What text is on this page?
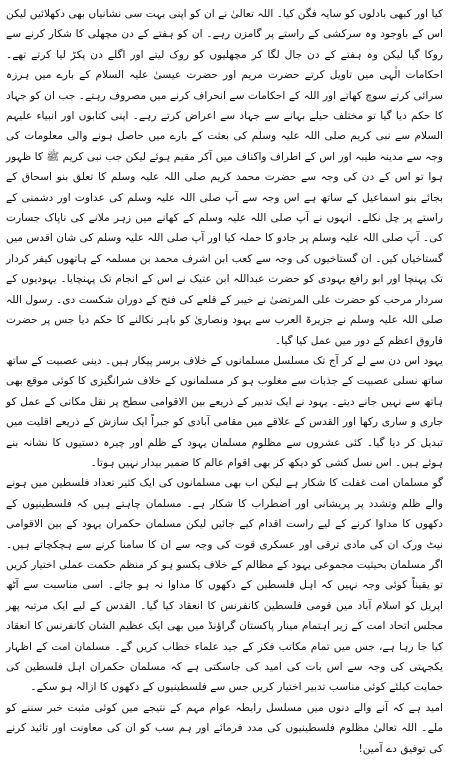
کیا اور کبھی بادلوں کو سایہ فگن کیا۔ اللہ تعالیٰ نے ان کو اپنی بہت سی نشانیاں بھی دکھلائیں لیکن اس کے باوجود وہ سرکشی کے راستے پر گامزن رہے۔ ان کو ہفتے کے دن مچھلی کا شکار کرنے سے روکا گیا لیکن وہ ہفتے کے دن جال لگا کر مچھلیوں کو روک لیتے اور اگلے دن پکڑ لیا کرتے تھے۔ احکامات الٰہی میں تاویل کرتے حضرت مریم اور حضرت عیسیٰ علیہ السلام کے بارے میں ہرزہ سرائی کرتے سوچ کھاتے اور اللہ کے احکامات سے انحراف کرنے میں مصروف رہتے۔ جب ان کو جہاد کا حکم دیا گیا تو مختلف حیلے بہانے سے جہاد سے اعراض کرتے رہے۔ اپنی کتابوں اور انبیاء علیہم السلام سے نبی کریم صلی اللہ علیہ وسلم کی بعثت کے بارے میں حاصل ہونے والی معلومات کی وجہ سے مدینہ طیبہ اور اس کے اطراف واکناف میں آکر مقیم ہوئے لیکن جب نبی کریم ﷺ کا ظہور ہوا تو اس کے دن کی وجہ سے حضرت محمد کریم صلی اللہ علیہ وسلم کا تعلق بنو اسحاق کے بجائے بنو اسماعیل کے ساتھ ہے اس وجہ سے آپ صلی اللہ علیہ وسلم کی عداوت اور دشمنی کے راستے پر چل نکلے۔ انہوں نے آپ صلی اللہ علیہ وسلم کے کھانے میں زہر ملانے کی ناپاک جسارت کی۔ آپ صلی اللہ علیہ وسلم پر جادو کا حملہ کیا اور آپ صلی اللہ علیہ وسلم کی شان اقدس میں گستاخیاں کیں۔ ان گستاخیوں کی وجہ سے کعب ابن اشرف محمد بن مسلمہ کے ہاتھوں کیفر کردار تک پہنچا اور ابو رافع یہودی کو حضرت عبداللہ ابن عتیک نے اس کے انجام تک پہنچایا۔ یہودیوں کے سردار مرحب کو حضرت علی المرتضیٰ نے خیبر کے قلعے کی فتح کے دوران شکست دی۔ رسول اللہ صلی اللہ علیہ وسلم نے جزیرۃ العرب سے یہود ونصاریٰ کو باہر نکالنے کا حکم دیا جس پر حضرت فاروق اعظم کے دور میں عمل کیا گیا۔

یہود اس دن سے لے کر آج تک مسلسل مسلمانوں کے خلاف برسر پیکار ہیں۔ دینی عصبیت کے ساتھ ساتھ نسلی عصبیت کے جذبات سے مغلوب ہو کر مسلمانوں کے خلاف شرانگیزی کا کوئی موقع بھی ہاتھ سے نہیں جانے دیتے۔ یہود نے ایک تدبیر کے ذریعے بین الاقوامی سطح پر نقل مکانی کے عمل کو جاری و ساری رکھا اور القدس کے علاقے میں مقامی آبادی کو جبراً ایک سازش کے ذریعے اقلیت میں تبدیل کر دیا گیا۔ کئی عشروں سے مظلوم مسلمان یہود کے ظلم اور چیرہ دستیوں کا نشانہ بنے ہوئے ہیں۔ اس نسل کشی کو دیکھ کر بھی اقوام عالم کا ضمیر بیدار نہیں ہوتا۔

گو مسلمان امت غفلت کا شکار ہے لیکن اب بھی مسلمانوں کی ایک کثیر تعداد فلسطین میں ہونے والے ظلم وتشدد پر پریشانی اور اضطراب کا شکار ہے۔ مسلمان چاہتے ہیں کہ فلسطینیوں کے دکھوں کا مداوا کرنے کے لیے راست اقدام کیے جائیں لیکن مسلمان حکمران یہود کے بین الاقوامی نیٹ ورک ان کی مادی ترقی اور عسکری قوت کی وجہ سے ان کا سامنا کرنے سے ہچکچاتے ہیں۔ اگر مسلمان بحیثیت مجموعی یہود کے مظالم کے خلاف یکسو ہو کر منظم حکمت عملی اختیار کریں تو یقیناً کوئی وجہ نہیں کہ اہل فلسطین کے دکھوں کا مداوا نہ ہو جائے۔ اسی مناسبت سے آٹھ اپریل کو اسلام آباد میں قومی فلسطین کانفرنس کا انعقاد کیا گیا۔ القدس کے لیے ایک مرتبہ پھر مجلس اتحاد امت کے زیر اہتمام مینار پاکستان گراؤنڈ میں بھی ایک عظیم الشان کانفرنس کا انعقاد کیا جا رہا ہے، جس میں تمام مکاتب فکر کے جید علماء خطاب کریں گے۔ مسلمان امت کے اظہار یکجہتی کی وجہ سے اس بات کی امید کی جاسکتی ہے کہ مسلمان حکمران اہل فلسطین کی حمایت کیلئے کوئی مناسب تدبیر اختیار کریں جس سے فلسطینیوں کے دکھوں کا ازالہ ہو سکے۔

امید ہے کہ آنے والے دنوں میں مسلسل رابطہ عوام مہم کے نتیجے میں کوئی مثبت خبر سننے کو ملے۔ اللہ تعالیٰ مظلوم فلسطینیوں کی مدد فرمائے اور ہم سب کو ان کی معاونت اور تائید کرنے کی توفیق دے آمین!
